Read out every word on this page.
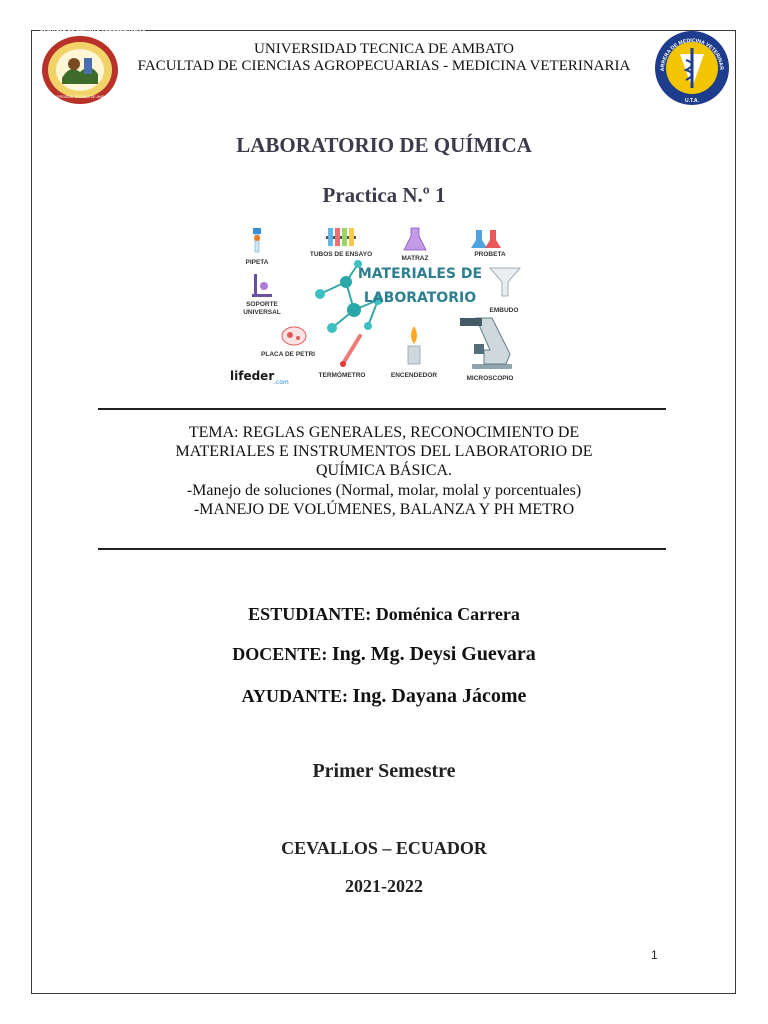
FACULTAD DE CIENCIAS AGROPECUARIAS
UNIVERSIDAD TECNICA DE AMBATO
ARRERA DE MEDICINA VETERINAR
U.T.A.
UNIVERSIDAD TECNICA DE AMBATO
FACULTAD DE CIENCIAS AGROPECUARIAS - MEDICINA VETERINARIA
LABORATORIO DE QUÍMICA
Practica N.º 1
PIPETA
TUBOS DE ENSAYO
MATRAZ
PROBETA
MATERIALES DE
LABORATORIO
SOPORTE
UNIVERSAL	EMBUDO
PLACA DE PETRI
TERMÓMETRO	ENCENDEDOR	MICROSCOPIO
lifeder .com
TEMA: REGLAS GENERALES, RECONOCIMIENTO DE
MATERIALES E INSTRUMENTOS DEL LABORATORIO DE
QUÍMICA BÁSICA.
-Manejo de soluciones (Normal, molar, molal y porcentuales)
-MANEJO DE VOLÚMENES, BALANZA Y PH METRO
ESTUDIANTE: Doménica Carrera
DOCENTE: Ing. Mg. Deysi Guevara
AYUDANTE: Ing. Dayana Jácome
Primer Semestre
CEVALLOS – ECUADOR
2021-2022
1
